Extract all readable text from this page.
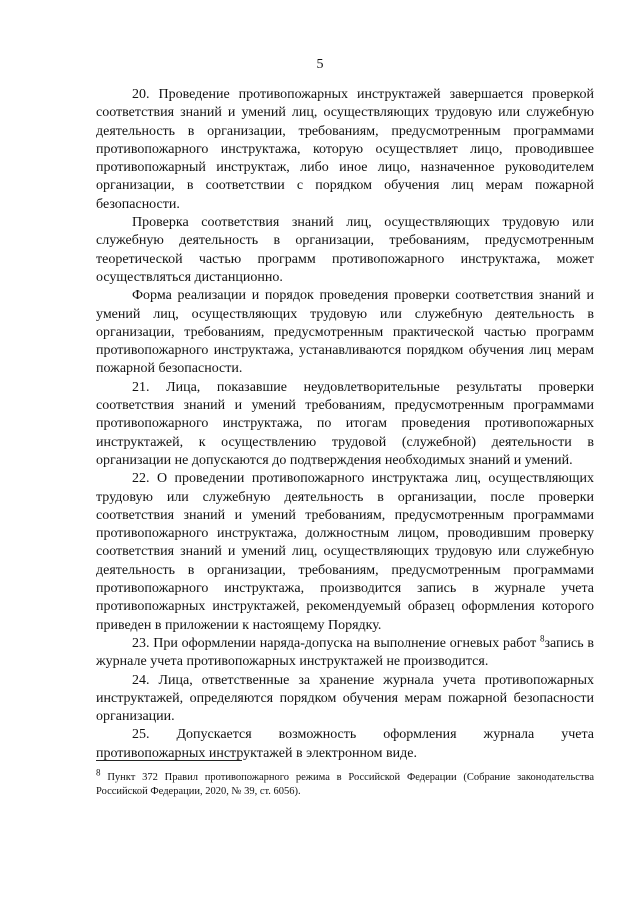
5

20. Проведение противопожарных инструктажей завершается проверкой соответствия знаний и умений лиц, осуществляющих трудовую или служебную деятельность в организации, требованиям, предусмотренным программами противопожарного инструктажа, которую осуществляет лицо, проводившее противопожарный инструктаж, либо иное лицо, назначенное руководителем организации, в соответствии с порядком обучения лиц мерам пожарной безопасности.

Проверка соответствия знаний лиц, осуществляющих трудовую или служебную деятельность в организации, требованиям, предусмотренным теоретической частью программ противопожарного инструктажа, может осуществляться дистанционно.

Форма реализации и порядок проведения проверки соответствия знаний и умений лиц, осуществляющих трудовую или служебную деятельность в организации, требованиям, предусмотренным практической частью программ противопожарного инструктажа, устанавливаются порядком обучения лиц мерам пожарной безопасности.

21. Лица, показавшие неудовлетворительные результаты проверки соответствия знаний и умений требованиям, предусмотренным программами противопожарного инструктажа, по итогам проведения противопожарных инструктажей, к осуществлению трудовой (служебной) деятельности в организации не допускаются до подтверждения необходимых знаний и умений.

22. О проведении противопожарного инструктажа лиц, осуществляющих трудовую или служебную деятельность в организации, после проверки соответствия знаний и умений требованиям, предусмотренным программами противопожарного инструктажа, должностным лицом, проводившим проверку соответствия знаний и умений лиц, осуществляющих трудовую или служебную деятельность в организации, требованиям, предусмотренным программами противопожарного инструктажа, производится запись в журнале учета противопожарных инструктажей, рекомендуемый образец оформления которого приведен в приложении к настоящему Порядку.

23. При оформлении наряда-допуска на выполнение огневых работ $^8$запись в журнале учета противопожарных инструктажей не производится.

24. Лица, ответственные за хранение журнала учета противопожарных инструктажей, определяются порядком обучения мерам пожарной безопасности организации.

25. Допускается возможность оформления журнала учета

противопожарных инструктажей в электронном виде.

$^8$ Пункт 372 Правил противопожарного режима в Российской Федерации (Собрание законодательства Российской Федерации, 2020, № 39, ст. 6056).
